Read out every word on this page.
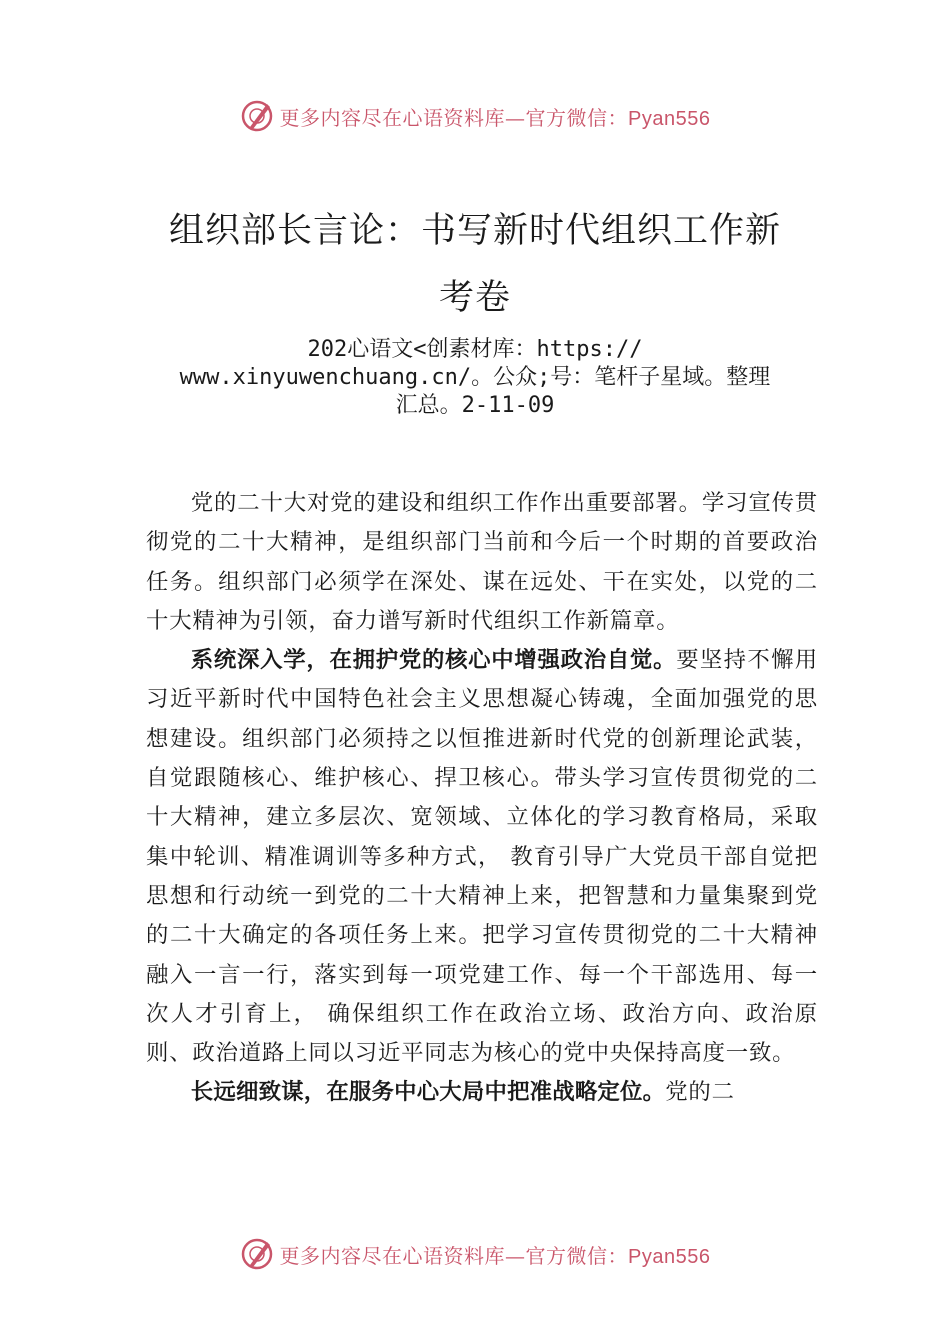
更多内容尽在心语资料库—官方微信：Pyan556
组织部长言论：书写新时代组织工作新
考卷
202心语文<创素材库：https://
www.xinyuwenchuang.cn/。公众;号：笔杆子星域。整理
汇总。2-11-09

党的二十大对党的建设和组织工作作出重要部署。学习宣传贯彻党的二十大精神，是组织部门当前和今后一个时期的首要政治任务。组织部门必须学在深处、谋在远处、干在实处，以党的二十大精神为引领，奋力谱写新时代组织工作新篇章。

系统深入学，在拥护党的核心中增强政治自觉。要坚持不懈用习近平新时代中国特色社会主义思想凝心铸魂，全面加强党的思想建设。组织部门必须持之以恒推进新时代党的创新理论武装，自觉跟随核心、维护核心、捍卫核心。带头学习宣传贯彻党的二十大精神，建立多层次、宽领域、立体化的学习教育格局，采取集中轮训、精准调训等多种方式， 教育引导广大党员干部自觉把思想和行动统一到党的二十大精神上来，把智慧和力量集聚到党的二十大确定的各项任务上来。把学习宣传贯彻党的二十大精神融入一言一行，落实到每一项党建工作、每一个干部选用、每一次人才引育上， 确保组织工作在政治立场、政治方向、政治原则、政治道路上同以习近平同志为核心的党中央保持高度一致。

长远细致谋，在服务中心大局中把准战略定位。党的二

更多内容尽在心语资料库—官方微信：Pyan556
